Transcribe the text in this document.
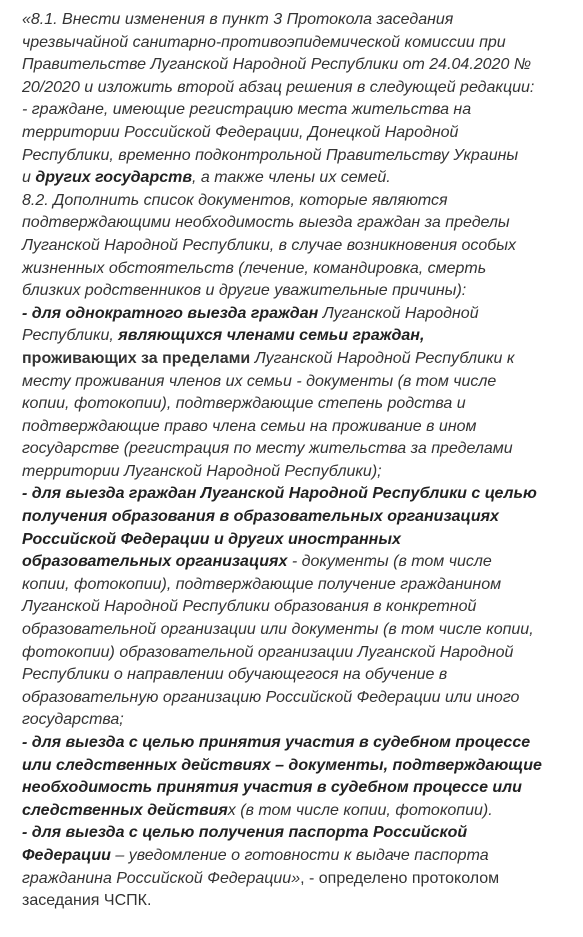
«8.1. Внести изменения в пункт 3 Протокола заседания
чрезвычайной санитарно-противоэпидемической комиссии при
Правительстве Луганской Народной Республики от 24.04.2020 №
20/2020 и изложить второй абзац решения в следующей редакции:
- граждане, имеющие регистрацию места жительства на
территории Российской Федерации, Донецкой Народной
Республики, временно подконтрольной Правительству Украины
и других государств, а также члены их семей.
8.2. Дополнить список документов, которые являются
подтверждающими необходимость выезда граждан за пределы
Луганской Народной Республики, в случае возникновения особых
жизненных обстоятельств (лечение, командировка, смерть
близких родственников и другие уважительные причины):
- для однократного выезда граждан Луганской Народной
Республики, являющихся членами семьи граждан,
проживающих за пределами Луганской Народной Республики к
месту проживания членов их семьи - документы (в том числе
копии, фотокопии), подтверждающие степень родства и
подтверждающие право члена семьи на проживание в ином
государстве (регистрация по месту жительства за пределами
территории Луганской Народной Республики);
- для выезда граждан Луганской Народной Республики с целью
получения образования в образовательных организациях
Российской Федерации и других иностранных
образовательных организациях - документы (в том числе
копии, фотокопии), подтверждающие получение гражданином
Луганской Народной Республики образования в конкретной
образовательной организации или документы (в том числе копии,
фотокопии) образовательной организации Луганской Народной
Республики о направлении обучающегося на обучение в
образовательную организацию Российской Федерации или иного
государства;
- для выезда с целью принятия участия в судебном процессе
или следственных действиях – документы, подтверждающие
необходимость принятия участия в судебном процессе или
следственных действиях (в том числе копии, фотокопии).
- для выезда с целью получения паспорта Российской
Федерации – уведомление о готовности к выдаче паспорта
гражданина Российской Федерации», - определено протоколом
заседания ЧСПК.
